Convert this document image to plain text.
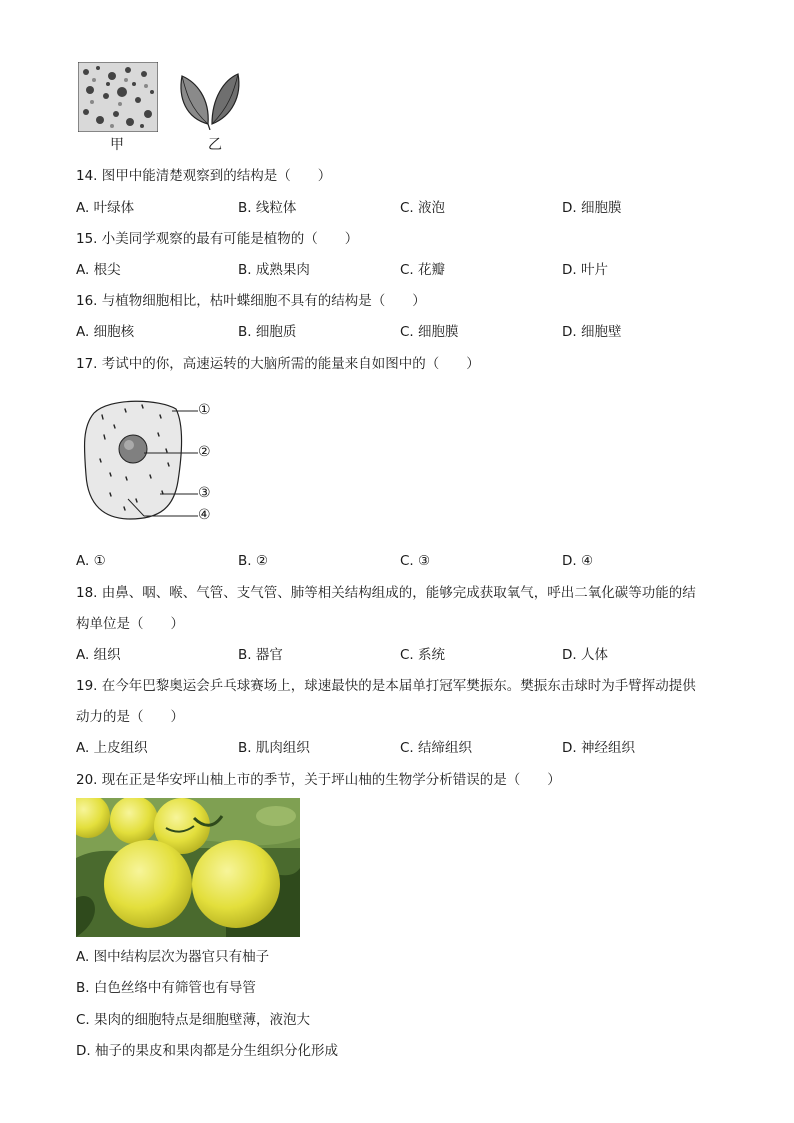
甲	乙
14. 图甲中能清楚观察到的结构是（　　）
A. 叶绿体	B. 线粒体	C. 液泡	D. 细胞膜
15. 小美同学观察的最有可能是植物的（　　）
A. 根尖	B. 成熟果肉	C. 花瓣	D. 叶片
16. 与植物细胞相比，枯叶蝶细胞不具有的结构是（　　）
A. 细胞核	B. 细胞质	C. 细胞膜	D. 细胞壁
17. 考试中的你，高速运转的大脑所需的能量来自如图中的（　　）
①
②
③
④
A. ①	B. ②	C. ③	D. ④
18. 由鼻、咽、喉、气管、支气管、肺等相关结构组成的，能够完成获取氧气，呼出二氧化碳等功能的结
构单位是（　　）
A. 组织	B. 器官	C. 系统	D. 人体
19. 在今年巴黎奥运会乒乓球赛场上，球速最快的是本届单打冠军樊振东。樊振东击球时为手臂挥动提供
动力的是（　　）
A. 上皮组织	B. 肌肉组织	C. 结缔组织	D. 神经组织
20. 现在正是华安坪山柚上市的季节，关于坪山柚的生物学分析错误的是（　　）
A. 图中结构层次为器官只有柚子
B. 白色丝络中有筛管也有导管
C. 果肉的细胞特点是细胞壁薄，液泡大
D. 柚子的果皮和果肉都是分生组织分化形成
